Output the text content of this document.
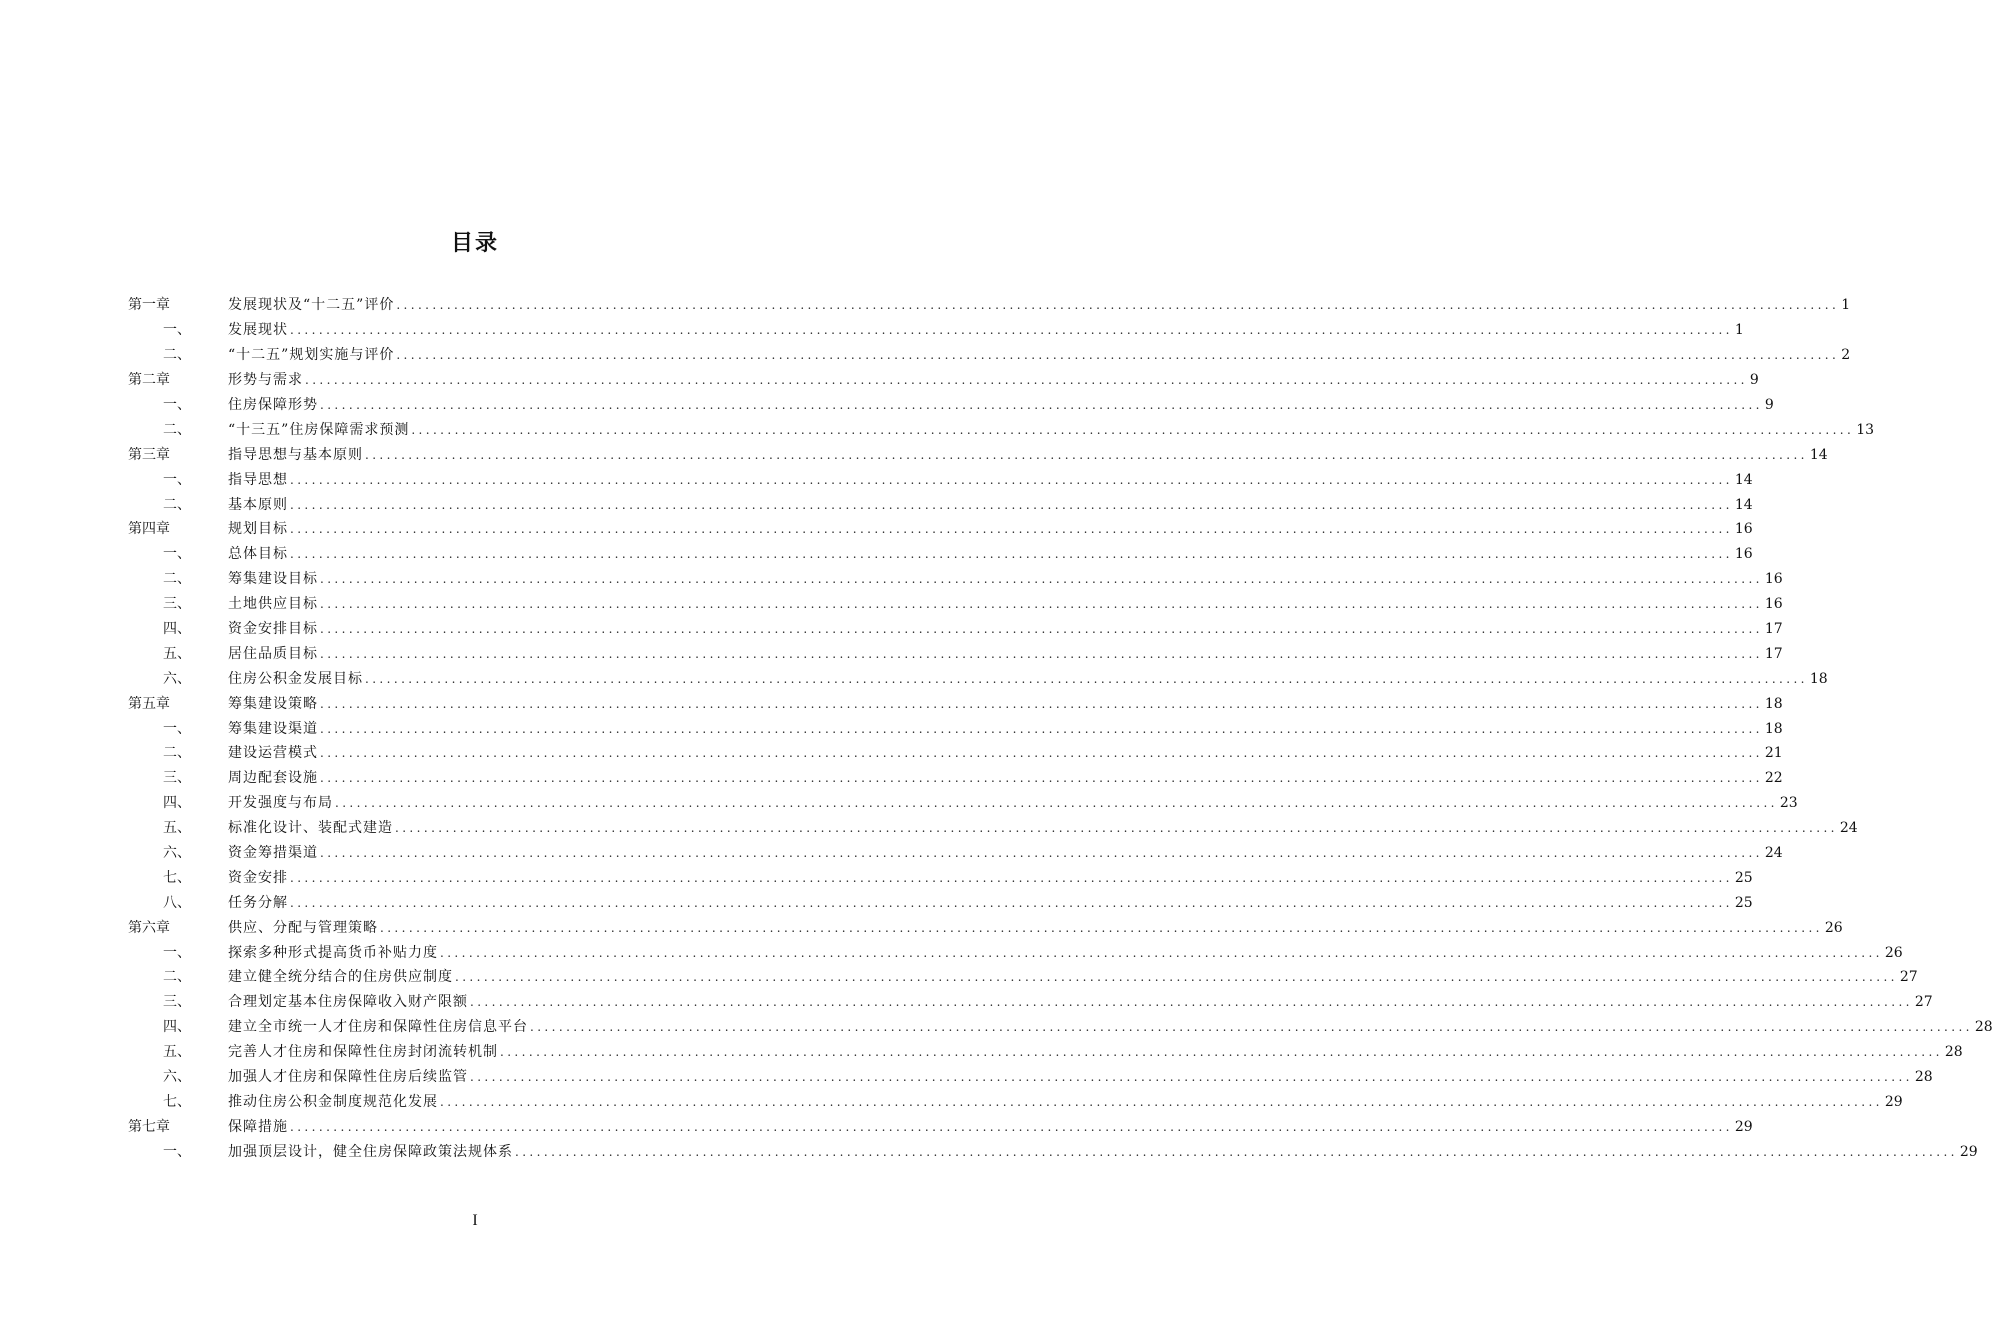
目录
第一章	发展现状及“十二五”评价 ........................................................................................................................................................................................................ 1
一、	发展现状 ........................................................................................................................................................................................................ 1
二、	“十二五”规划实施与评价 ........................................................................................................................................................................................................ 2
第二章	形势与需求 ........................................................................................................................................................................................................ 9
一、	住房保障形势 ........................................................................................................................................................................................................ 9
二、	“十三五”住房保障需求预测 ........................................................................................................................................................................................................ 13
第三章	指导思想与基本原则 ........................................................................................................................................................................................................ 14
一、	指导思想 ........................................................................................................................................................................................................ 14
二、	基本原则 ........................................................................................................................................................................................................ 14
第四章	规划目标 ........................................................................................................................................................................................................ 16
一、	总体目标 ........................................................................................................................................................................................................ 16
二、	筹集建设目标 ........................................................................................................................................................................................................ 16
三、	土地供应目标 ........................................................................................................................................................................................................ 16
四、	资金安排目标 ........................................................................................................................................................................................................ 17
五、	居住品质目标 ........................................................................................................................................................................................................ 17
六、	住房公积金发展目标 ........................................................................................................................................................................................................ 18
第五章	筹集建设策略 ........................................................................................................................................................................................................ 18
一、	筹集建设渠道 ........................................................................................................................................................................................................ 18
二、	建设运营模式 ........................................................................................................................................................................................................ 21
三、	周边配套设施 ........................................................................................................................................................................................................ 22
四、	开发强度与布局 ........................................................................................................................................................................................................ 23
五、	标准化设计、装配式建造 ........................................................................................................................................................................................................ 24
六、	资金筹措渠道 ........................................................................................................................................................................................................ 24
七、	资金安排 ........................................................................................................................................................................................................ 25
八、	任务分解 ........................................................................................................................................................................................................ 25
第六章	供应、分配与管理策略 ........................................................................................................................................................................................................ 26
一、	探索多种形式提高货币补贴力度 ........................................................................................................................................................................................................ 26
二、	建立健全统分结合的住房供应制度 ........................................................................................................................................................................................................ 27
三、	合理划定基本住房保障收入财产限额 ........................................................................................................................................................................................................ 27
四、	建立全市统一人才住房和保障性住房信息平台 ........................................................................................................................................................................................................ 28
五、	完善人才住房和保障性住房封闭流转机制 ........................................................................................................................................................................................................ 28
六、	加强人才住房和保障性住房后续监管 ........................................................................................................................................................................................................ 28
七、	推动住房公积金制度规范化发展 ........................................................................................................................................................................................................ 29
第七章	保障措施 ........................................................................................................................................................................................................ 29
一、	加强顶层设计，健全住房保障政策法规体系 ........................................................................................................................................................................................................ 29
I
